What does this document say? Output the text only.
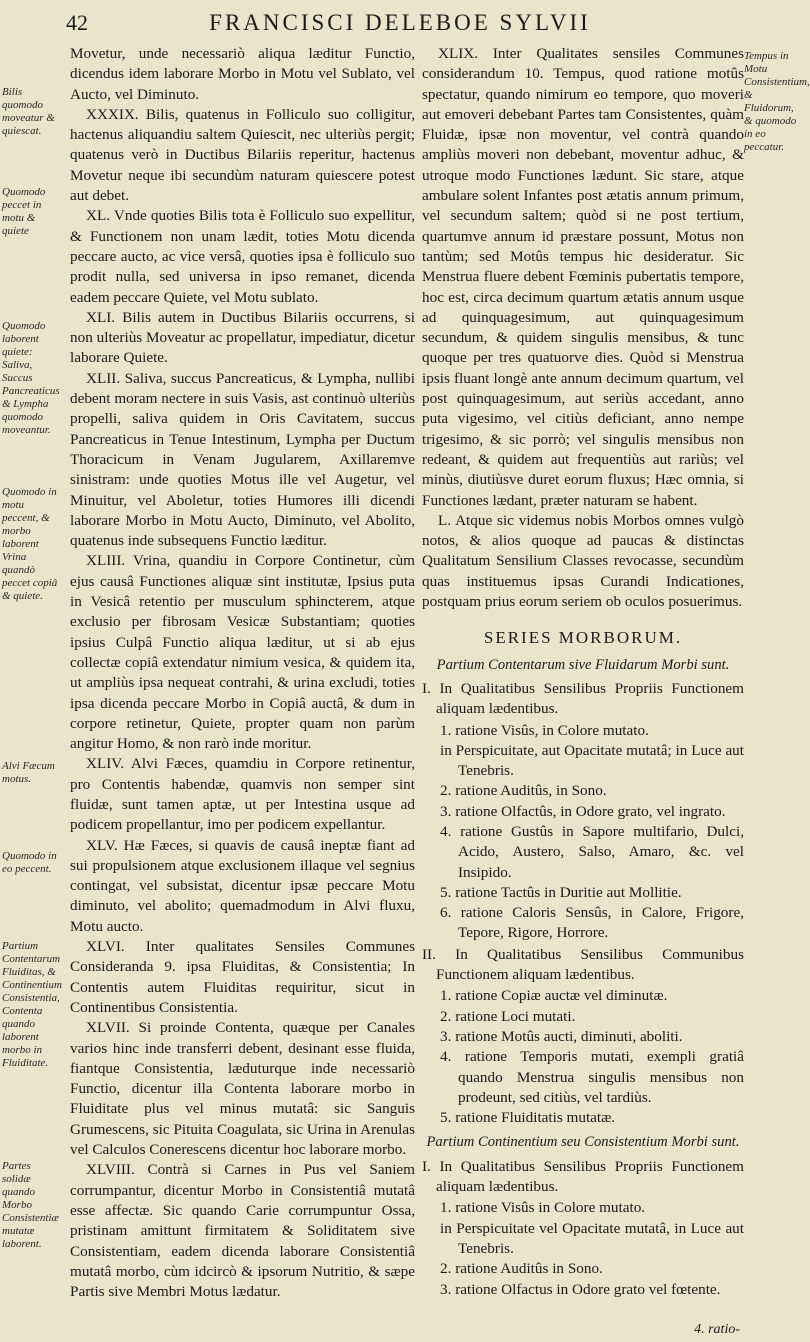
42	FRANCISCI DELEBOE SYLVII
Bilis quomodo moveatur & quiescat.
Quomodo peccet in motu & quiete
Quomodo laborent quiete: Saliva, Succus Pancreaticus & Lympha quomodo moveantur.
Quomodo in motu peccent, & morbo laborent Vrina quandò peccet copiâ & quiete.
Alvi Fæcum motus.
Quomodo in eo peccent.
Partium Contentarum Fluiditas, & Continentium Consistentia, Contenta quando laborent morbo in Fluiditate.
Partes solidæ quando Morbo Consistentiæ mutatæ laborent.
Tempus in Motu Consistentium, & Fluidorum, & quomodo in eo peccatur.

Movetur, unde necessariò aliqua læditur Functio, dicendus idem laborare Morbo in Motu vel Sublato, vel Aucto, vel Diminuto.

XXXIX. Bilis, quatenus in Folliculo suo colligitur, hactenus aliquandiu saltem Quiescit, nec ulteriùs pergit; quatenus verò in Ductibus Bilariis reperitur, hactenus Movetur neque ibi secundùm naturam quiescere potest aut debet.

XL. Vnde quoties Bilis tota è Folliculo suo expellitur, & Functionem non unam lædit, toties Motu dicenda peccare aucto, ac vice versâ, quoties ipsa è folliculo suo prodit nulla, sed universa in ipso remanet, dicenda eadem peccare Quiete, vel Motu sublato.

XLI. Bilis autem in Ductibus Bilariis occurrens, si non ulteriùs Moveatur ac propellatur, impediatur, dicetur laborare Quiete.

XLII. Saliva, succus Pancreaticus, & Lympha, nullibi debent moram nectere in suis Vasis, ast continuò ulteriùs propelli, saliva quidem in Oris Cavitatem, succus Pancreaticus in Tenue Intestinum, Lympha per Ductum Thoracicum in Venam Jugularem, Axillaremve sinistram: unde quoties Motus ille vel Augetur, vel Minuitur, vel Aboletur, toties Humores illi dicendi laborare Morbo in Motu Aucto, Diminuto, vel Abolito, quatenus inde subsequens Functio læditur.

XLIII. Vrina, quandiu in Corpore Continetur, cùm ejus causâ Functiones aliquæ sint institutæ, Ipsius puta in Vesicâ retentio per musculum sphincterem, atque exclusio per fibrosam Vesicæ Substantiam; quoties ipsius Culpâ Functio aliqua læditur, ut si ab ejus collectæ copiâ extendatur nimium vesica, & quidem ita, ut ampliùs ipsa nequeat contrahi, & urina excludi, toties ipsa dicenda peccare Morbo in Copiâ auctâ, & dum in corpore retinetur, Quiete, propter quam non parùm angitur Homo, & non rarò inde moritur.

XLIV. Alvi Fæces, quamdiu in Corpore retinentur, pro Contentis habendæ, quamvis non semper sint fluidæ, sunt tamen aptæ, ut per Intestina usque ad podicem propellantur, imo per podicem expellantur.

XLV. Hæ Fæces, si quavis de causâ ineptæ fiant ad sui propulsionem atque exclusionem illaque vel segnius contingat, vel subsistat, dicentur ipsæ peccare Motu diminuto, vel abolito; quemadmodum in Alvi fluxu, Motu aucto.

XLVI. Inter qualitates Sensiles Communes Consideranda 9. ipsa Fluiditas, & Consistentia; In Contentis autem Fluiditas requiritur, sicut in Continentibus Consistentia.

XLVII. Si proinde Contenta, quæque per Canales varios hinc inde transferri debent, desinant esse fluida, fiantque Consistentia, læduturque inde necessariò Functio, dicentur illa Contenta laborare morbo in Fluiditate plus vel minus mutatâ: sic Sanguis Grumescens, sic Pituita Coagulata, sic Urina in Arenulas vel Calculos Conerescens dicentur hoc laborare morbo.

XLVIII. Contrà si Carnes in Pus vel Saniem corrumpantur, dicentur Morbo in Consistentiâ mutatâ esse affectæ. Sic quando Carie corrumpuntur Ossa, pristinam amittunt firmitatem & Soliditatem sive Consistentiam, eadem dicenda laborare Consistentiâ mutatâ morbo, cùm idcircò & ipsorum Nutritio, & sæpe Partis sive Membri Motus lædatur.

XLIX. Inter Qualitates sensiles Communes considerandum 10. Tempus, quod ratione motûs spectatur, quando nimirum eo tempore, quo moveri aut emoveri debebant Partes tam Consistentes, quàm Fluidæ, ipsæ non moventur, vel contrà quando ampliùs moveri non debebant, moventur adhuc, & utroque modo Functiones lædunt. Sic stare, atque ambulare solent Infantes post ætatis annum primum, vel secundum saltem; quòd si ne post tertium, quartumve annum id præstare possunt, Motus non tantùm; sed Motûs tempus hic desideratur. Sic Menstrua fluere debent Fœminis pubertatis tempore, hoc est, circa decimum quartum ætatis annum usque ad quinquagesimum, aut quinquagesimum secundum, & quidem singulis mensibus, & tunc quoque per tres quatuorve dies. Quòd si Menstrua ipsis fluant longè ante annum decimum quartum, vel post quinquagesimum, aut seriùs accedant, anno puta vigesimo, vel citiùs deficiant, anno nempe trigesimo, & sic porrò; vel singulis mensibus non redeant, & quidem aut frequentiùs aut rariùs; vel minùs, diutiùsve duret eorum fluxus; Hæc omnia, si Functiones lædant, præter naturam se habent.

L. Atque sic videmus nobis Morbos omnes vulgò notos, & alios quoque ad paucas & distinctas Qualitatum Sensilium Classes revocasse, secundùm quas instituemus ipsas Curandi Indicationes, postquam prius eorum seriem ob oculos posuerimus.

SERIES MORBORUM.
Partium Contentarum sive Fluidarum Morbi sunt.
I. In Qualitatibus Sensilibus Propriis Functionem aliquam lædentibus.
1. ratione Visûs, in Colore mutato.
in Perspicuitate, aut Opacitate mutatâ; in Luce aut Tenebris.
2. ratione Auditûs, in Sono.
3. ratione Olfactûs, in Odore grato, vel ingrato.
4. ratione Gustûs in Sapore multifario, Dulci, Acido, Austero, Salso, Amaro, &c. vel Insipido.
5. ratione Tactûs in Duritie aut Mollitie.
6. ratione Caloris Sensûs, in Calore, Frigore, Tepore, Rigore, Horrore.
II. In Qualitatibus Sensilibus Communibus Functionem aliquam lædentibus.
1. ratione Copiæ auctæ vel diminutæ.
2. ratione Loci mutati.
3. ratione Motûs aucti, diminuti, aboliti.
4. ratione Temporis mutati, exempli gratiâ quando Menstrua singulis mensibus non prodeunt, sed citiùs, vel tardiùs.
5. ratione Fluiditatis mutatæ.
Partium Continentium seu Consistentium Morbi sunt.
I. In Qualitatibus Sensilibus Propriis Functionem aliquam lædentibus.
1. ratione Visûs in Colore mutato.
in Perspicuitate vel Opacitate mutatâ, in Luce aut Tenebris.
2. ratione Auditûs in Sono.
3. ratione Olfactus in Odore grato vel fœtente.
4. ratio-
